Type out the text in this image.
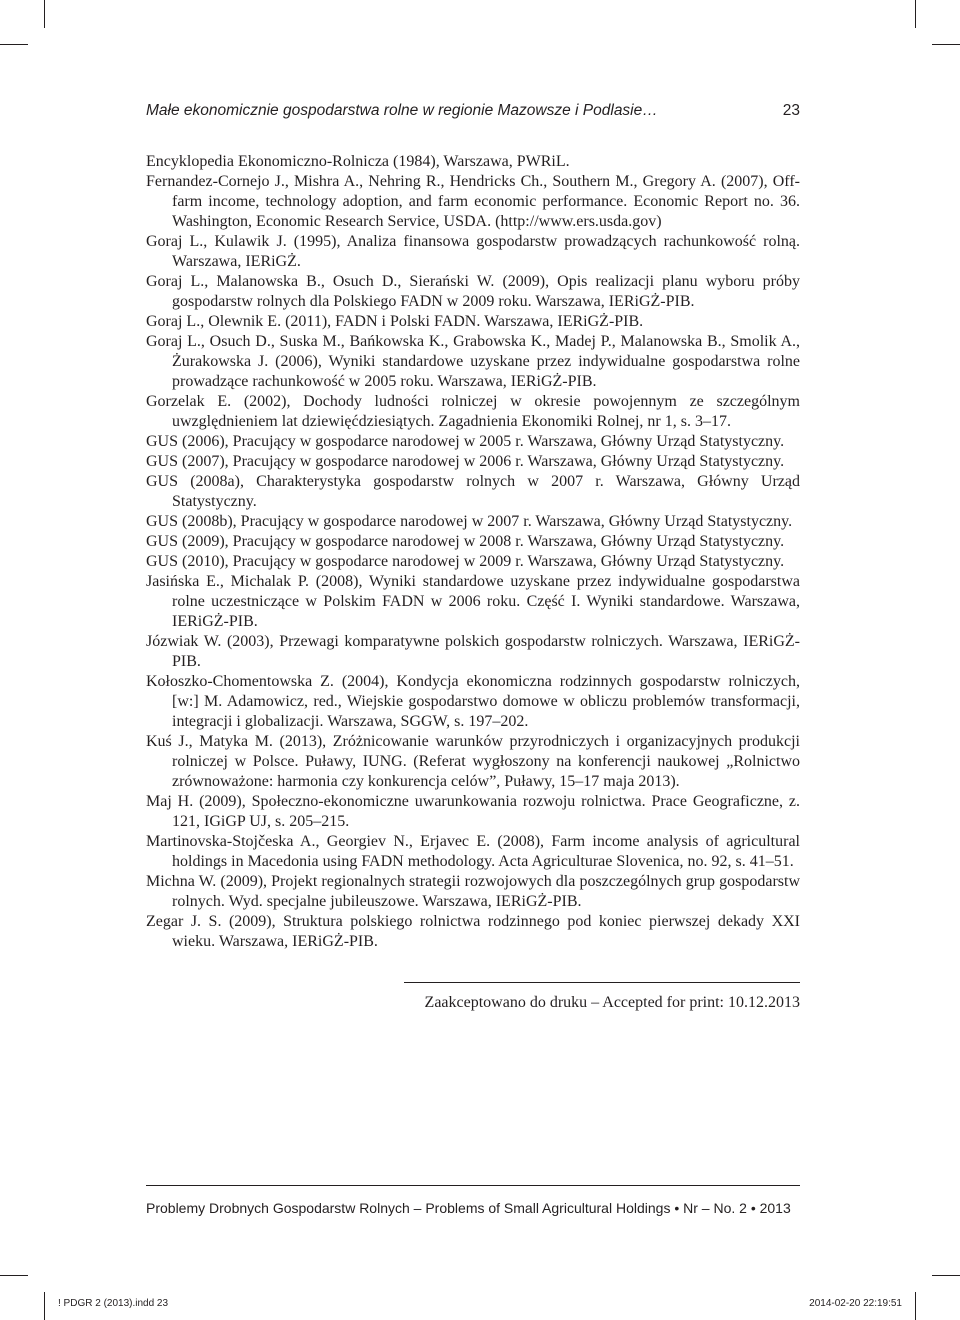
Małe ekonomicznie gospodarstwa rolne w regionie Mazowsze i Podlasie…	23

Encyklopedia Ekonomiczno-Rolnicza (1984), Warszawa, PWRiL.

Fernandez-Cornejo J., Mishra A., Nehring R., Hendricks Ch., Southern M., Gregory A. (2007), Off-farm income, technology adoption, and farm economic performance. Economic Report no. 36. Washington, Economic Research Service, USDA. (http://www.ers.usda.gov)

Goraj L., Kulawik J. (1995), Analiza finansowa gospodarstw prowadzących rachunkowość rolną. Warszawa, IERiGŻ.

Goraj L., Malanowska B., Osuch D., Sierański W. (2009), Opis realizacji planu wyboru próby gospodarstw rolnych dla Polskiego FADN w 2009 roku. Warszawa, IERiGŻ-PIB.

Goraj L., Olewnik E. (2011), FADN i Polski FADN. Warszawa, IERiGŻ-PIB.

Goraj L., Osuch D., Suska M., Bańkowska K., Grabowska K., Madej P., Malanowska B., Smolik A., Żurakowska J. (2006), Wyniki standardowe uzyskane przez indywidualne gospodarstwa rolne prowadzące rachunkowość w 2005 roku. Warszawa, IERiGŻ-PIB.

Gorzelak E. (2002), Dochody ludności rolniczej w okresie powojennym ze szczególnym uwzględnieniem lat dziewięćdziesiątych. Zagadnienia Ekonomiki Rolnej, nr 1, s. 3–17.

GUS (2006), Pracujący w gospodarce narodowej w 2005 r. Warszawa, Główny Urząd Statystyczny.

GUS (2007), Pracujący w gospodarce narodowej w 2006 r. Warszawa, Główny Urząd Statystyczny.

GUS (2008a), Charakterystyka gospodarstw rolnych w 2007 r. Warszawa, Główny Urząd Statystyczny.

GUS (2008b), Pracujący w gospodarce narodowej w 2007 r. Warszawa, Główny Urząd Statystyczny.

GUS (2009), Pracujący w gospodarce narodowej w 2008 r. Warszawa, Główny Urząd Statystyczny.

GUS (2010), Pracujący w gospodarce narodowej w 2009 r. Warszawa, Główny Urząd Statystyczny.

Jasińska E., Michalak P. (2008), Wyniki standardowe uzyskane przez indywidualne gospodarstwa rolne uczestniczące w Polskim FADN w 2006 roku. Część I. Wyniki standardowe. Warszawa, IERiGŻ-PIB.

Józwiak W. (2003), Przewagi komparatywne polskich gospodarstw rolniczych. Warszawa, IERiGŻ-PIB.

Kołoszko-Chomentowska Z. (2004), Kondycja ekonomiczna rodzinnych gospodarstw rolniczych, [w:] M. Adamowicz, red., Wiejskie gospodarstwo domowe w obliczu problemów transformacji, integracji i globalizacji. Warszawa, SGGW, s. 197–202.

Kuś J., Matyka M. (2013), Zróżnicowanie warunków przyrodniczych i organizacyjnych produkcji rolniczej w Polsce. Puławy, IUNG. (Referat wygłoszony na konferencji naukowej „Rolnictwo zrównoważone: harmonia czy konkurencja celów”, Puławy, 15–17 maja 2013).

Maj H. (2009), Społeczno-ekonomiczne uwarunkowania rozwoju rolnictwa. Prace Geograficzne, z. 121, IGiGP UJ, s. 205–215.

Martinovska-Stojčeska A., Georgiev N., Erjavec E. (2008), Farm income analysis of agricultural holdings in Macedonia using FADN methodology. Acta Agriculturae Slovenica, no. 92, s. 41–51.

Michna W. (2009), Projekt regionalnych strategii rozwojowych dla poszczególnych grup gospodarstw rolnych. Wyd. specjalne jubileuszowe. Warszawa, IERiGŻ-PIB.

Zegar J. S. (2009), Struktura polskiego rolnictwa rodzinnego pod koniec pierwszej dekady XXI wieku. Warszawa, IERiGŻ-PIB.

Zaakceptowano do druku – Accepted for print: 10.12.2013
Problemy Drobnych Gospodarstw Rolnych – Problems of Small Agricultural Holdings • Nr – No. 2 • 2013
! PDGR 2 (2013).indd 23	2014-02-20 22:19:51
